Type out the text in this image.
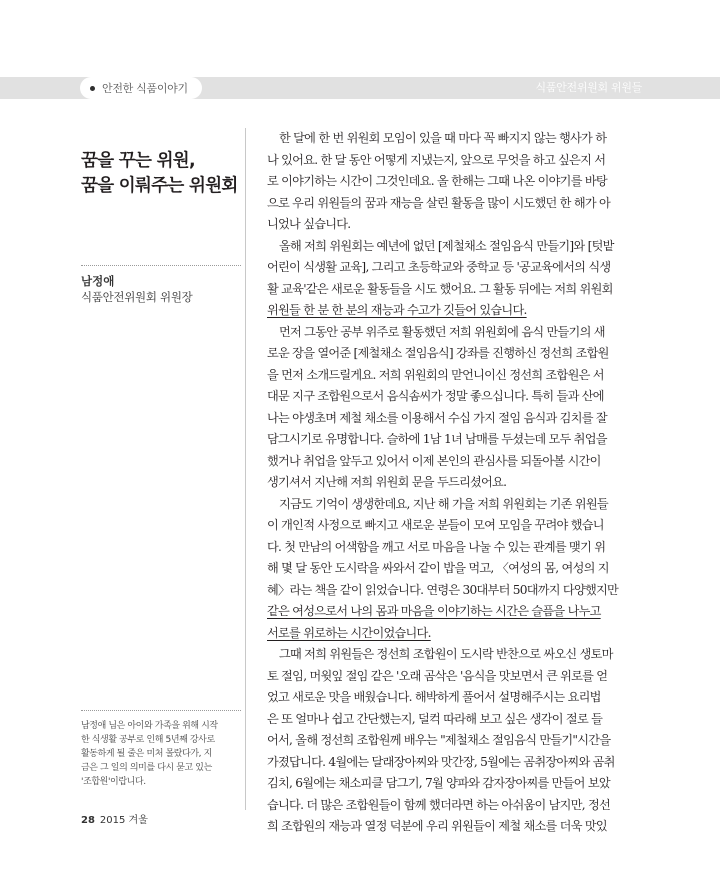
안전한 식품이야기	식품안전위원회 위원들
꿈을 꾸는 위원,
꿈을 이뤄주는 위원회
남정애
식품안전위원회 위원장
남정애 님은 아이와 가족을 위해 시작
한 식생활 공부로 인해 5년째 강사로
활동하게 될 줄은 미처 몰랐다가, 지
금은 그 일의 의미를 다시 묻고 있는
'조합원'이랍니다.
한 달에 한 번 위원회 모임이 있을 때 마다 꼭 빠지지 않는 행사가 하
나 있어요. 한 달 동안 어떻게 지냈는지, 앞으로 무엇을 하고 싶은지 서
로 이야기하는 시간이 그것인데요. 올 한해는 그때 나온 이야기를 바탕
으로 우리 위원들의 꿈과 재능을 살린 활동을 많이 시도했던 한 해가 아
니었나 싶습니다.
올해 저희 위원회는 예년에 없던 [제철채소 절임음식 만들기]와 [텃밭
어린이 식생활 교육], 그리고 초등학교와 중학교 등 '공교육에서의 식생
활 교육'같은 새로운 활동들을 시도 했어요. 그 활동 뒤에는 저희 위원회
위원들 한 분 한 분의 재능과 수고가 깃들어 있습니다.
먼저 그동안 공부 위주로 활동했던 저희 위원회에 음식 만들기의 새
로운 장을 열어준 [제철채소 절임음식] 강좌를 진행하신 정선희 조합원
을 먼저 소개드릴게요. 저희 위원회의 맏언니이신 정선희 조합원은 서
대문 지구 조합원으로서 음식솜씨가 정말 좋으십니다. 특히 들과 산에
나는 야생초며 제철 채소를 이용해서 수십 가지 절임 음식과 김치를 잘
담그시기로 유명합니다. 슬하에 1남 1녀 남매를 두셨는데 모두 취업을
했거나 취업을 앞두고 있어서 이제 본인의 관심사를 되돌아볼 시간이
생기셔서 지난해 저희 위원회 문을 두드리셨어요.
지금도 기억이 생생한데요, 지난 해 가을 저희 위원회는 기존 위원들
이 개인적 사정으로 빠지고 새로운 분들이 모여 모임을 꾸려야 했습니
다. 첫 만남의 어색함을 깨고 서로 마음을 나눌 수 있는 관계를 맺기 위
해 몇 달 동안 도시락을 싸와서 같이 밥을 먹고, 〈여성의 몸, 여성의 지
혜〉라는 책을 같이 읽었습니다. 연령은 30대부터 50대까지 다양했지만
같은 여성으로서 나의 몸과 마음을 이야기하는 시간은 슬픔을 나누고
서로를 위로하는 시간이었습니다.
그때 저희 위원들은 정선희 조합원이 도시락 반찬으로 싸오신 생토마
토 절임, 머윗잎 절임 같은 '오래 곰삭은 '음식을 맛보면서 큰 위로를 얻
었고 새로운 맛을 배웠습니다. 해박하게 풀어서 설명해주시는 요리법
은 또 얼마나 쉽고 간단했는지, 덜컥 따라해 보고 싶은 생각이 절로 들
어서, 올해 정선희 조합원께 배우는 "제철채소 절임음식 만들기"시간을
가졌답니다. 4월에는 달래장아찌와 맛간장, 5월에는 곰취장아찌와 곰취
김치, 6월에는 채소피클 담그기, 7월 양파와 감자장아찌를 만들어 보았
습니다. 더 많은 조합원들이 함께 했더라면 하는 아쉬움이 남지만, 정선
희 조합원의 재능과 열정 덕분에 우리 위원들이 제철 채소를 더욱 맛있
28 2015 겨울
